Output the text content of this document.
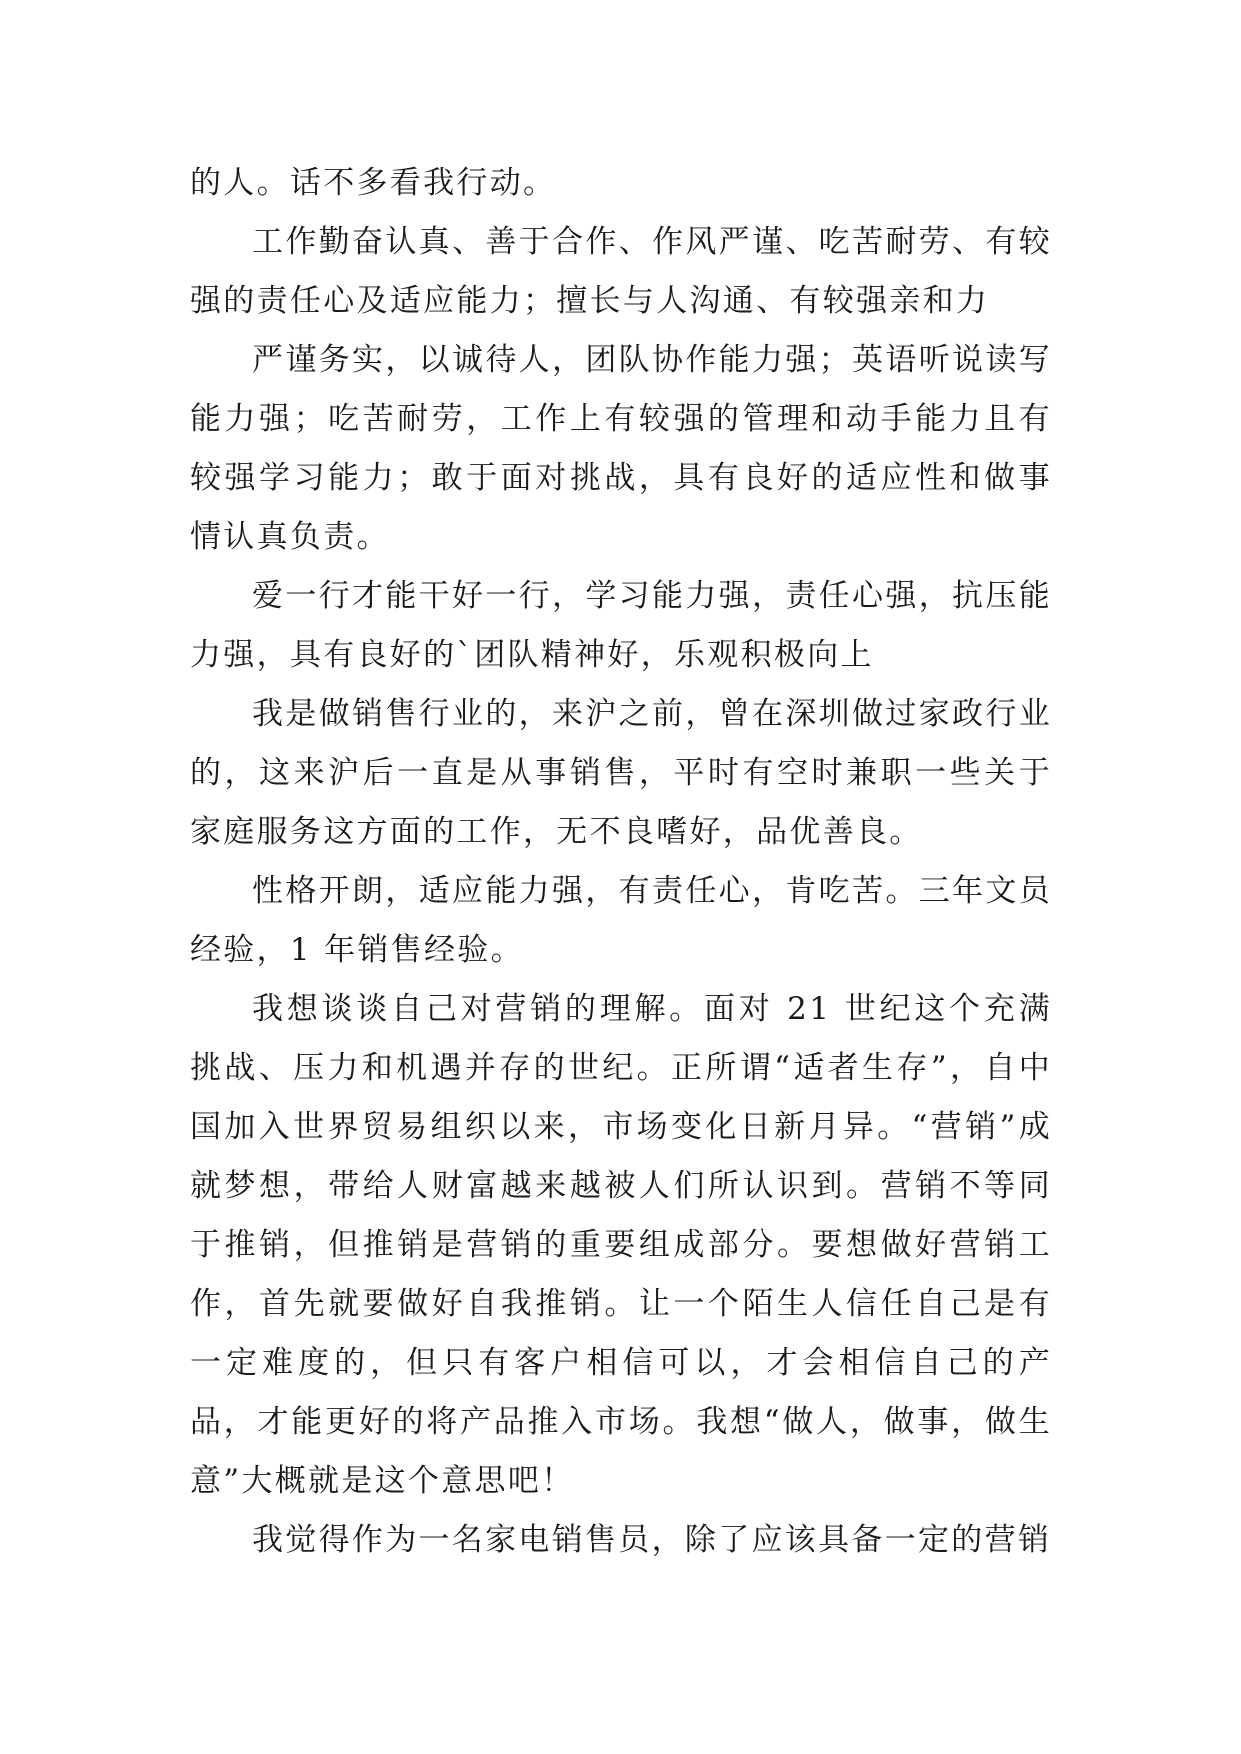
的人。话不多看我行动。

工作勤奋认真、善于合作、作风严谨、吃苦耐劳、有较强的责任心及适应能力；擅长与人沟通、有较强亲和力

严谨务实，以诚待人，团队协作能力强；英语听说读写能力强；吃苦耐劳，工作上有较强的管理和动手能力且有较强学习能力；敢于面对挑战，具有良好的适应性和做事情认真负责。

爱一行才能干好一行，学习能力强，责任心强，抗压能力强，具有良好的`团队精神好，乐观积极向上

我是做销售行业的，来沪之前，曾在深圳做过家政行业的，这来沪后一直是从事销售，平时有空时兼职一些关于家庭服务这方面的工作，无不良嗜好，品优善良。

性格开朗，适应能力强，有责任心，肯吃苦。三年文员经验，1 年销售经验。

我想谈谈自己对营销的理解。面对 21 世纪这个充满挑战、压力和机遇并存的世纪。正所谓“适者生存”，自中国加入世界贸易组织以来，市场变化日新月异。“营销”成就梦想，带给人财富越来越被人们所认识到。营销不等同于推销，但推销是营销的重要组成部分。要想做好营销工作，首先就要做好自我推销。让一个陌生人信任自己是有一定难度的，但只有客户相信可以，才会相信自己的产品，才能更好的将产品推入市场。我想“做人，做事，做生意”大概就是这个意思吧！

我觉得作为一名家电销售员，除了应该具备一定的营销
